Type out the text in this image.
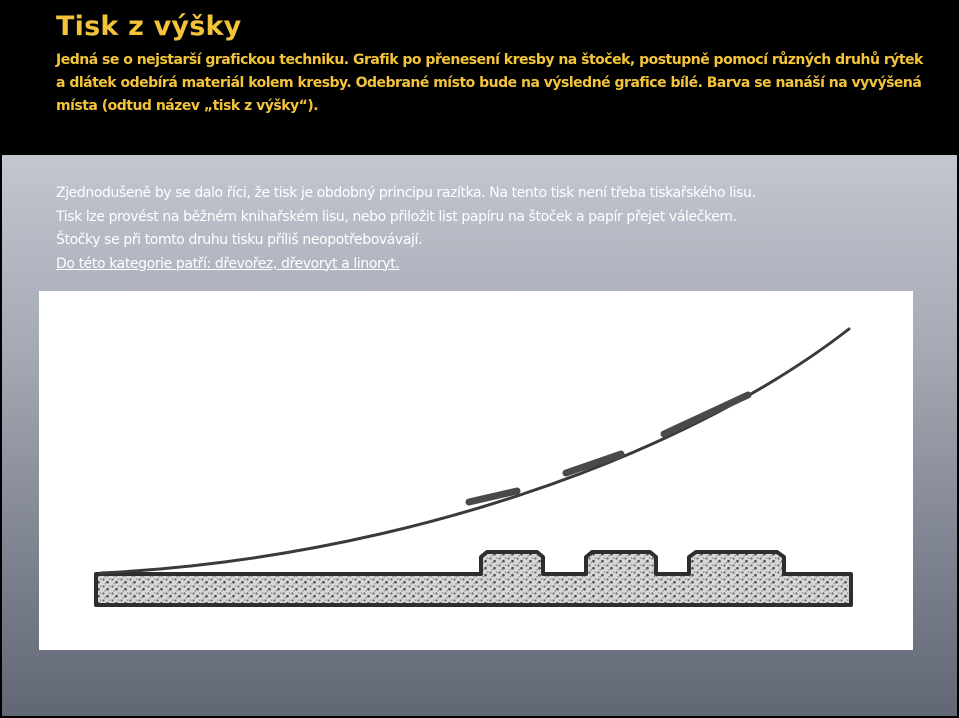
Tisk z výšky

Jedná se o nejstarší grafickou techniku. Grafik po přenesení kresby na štoček, postupně pomocí různých druhů rýtek a dlátek odebírá materiál kolem kresby. Odebrané místo bude na výsledné grafice bílé. Barva se nanáší na vyvýšená místa (odtud název „tisk z výšky“).

Zjednodušeně by se dalo říci, že tisk je obdobný principu razítka. Na tento tisk není třeba tiskařského lisu.
Tisk lze provést na běžném knihařském lisu, nebo přiložit list papíru na štoček a papír přejet válečkem.
Štočky se při tomto druhu tisku příliš neopotřebovávají.
Do této kategorie patří: dřevořez, dřevoryt a linoryt.
